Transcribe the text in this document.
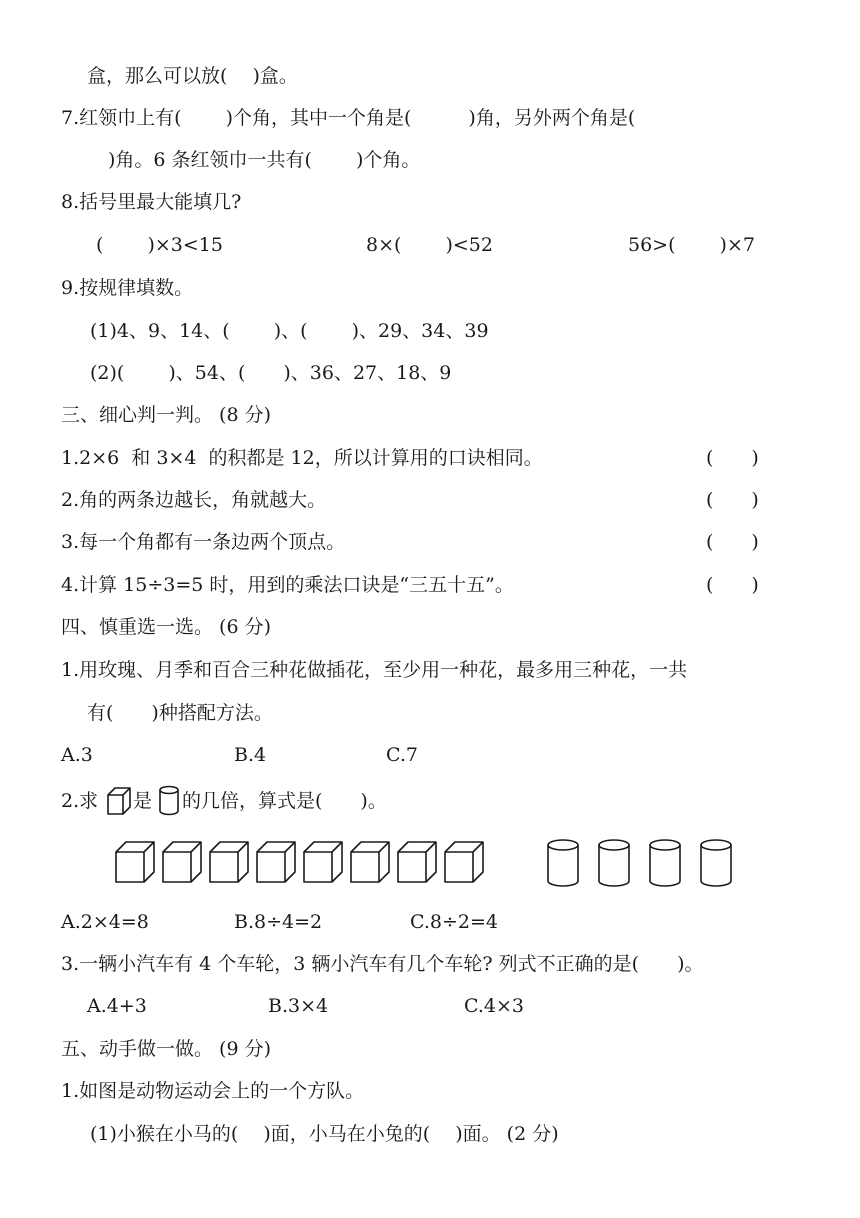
盒，那么可以放(　 )盒。
7.红领巾上有(　　 )个角，其中一个角是(　　　)角，另外两个角是(
)角。6 条红领巾一共有(　　 )个角。
8.括号里最大能填几?
(　　 )×3<15	8×(　　 )<52	56>(　　 )×7
9.按规律填数。
(1)4、9、14、(　　 )、(　　 )、29、34、39
(2)(　　 )、54、(　　)、36、27、18、9
三、细心判一判。 (8 分)
1.2×6  和 3×4  的积都是 12，所以计算用的口诀相同。	(　　)
2.角的两条边越长，角就越大。	(　　)
3.每一个角都有一条边两个顶点。	(　　)
4.计算 15÷3=5 时，用到的乘法口诀是“三五十五”。	(　　)
四、慎重选一选。 (6 分)
1.用玫瑰、月季和百合三种花做插花，至少用一种花，最多用三种花，一共
有(　　)种搭配方法。
A.3	B.4	C.7
2.求 是 的几倍，算式是(　　)。
A.2×4=8	B.8÷4=2	C.8÷2=4
3.一辆小汽车有 4 个车轮，3 辆小汽车有几个车轮? 列式不正确的是(　　)。
A.4+3	B.3×4	C.4×3
五、动手做一做。 (9 分)
1.如图是动物运动会上的一个方队。
(1)小猴在小马的(　 )面，小马在小兔的(　 )面。 (2 分)
